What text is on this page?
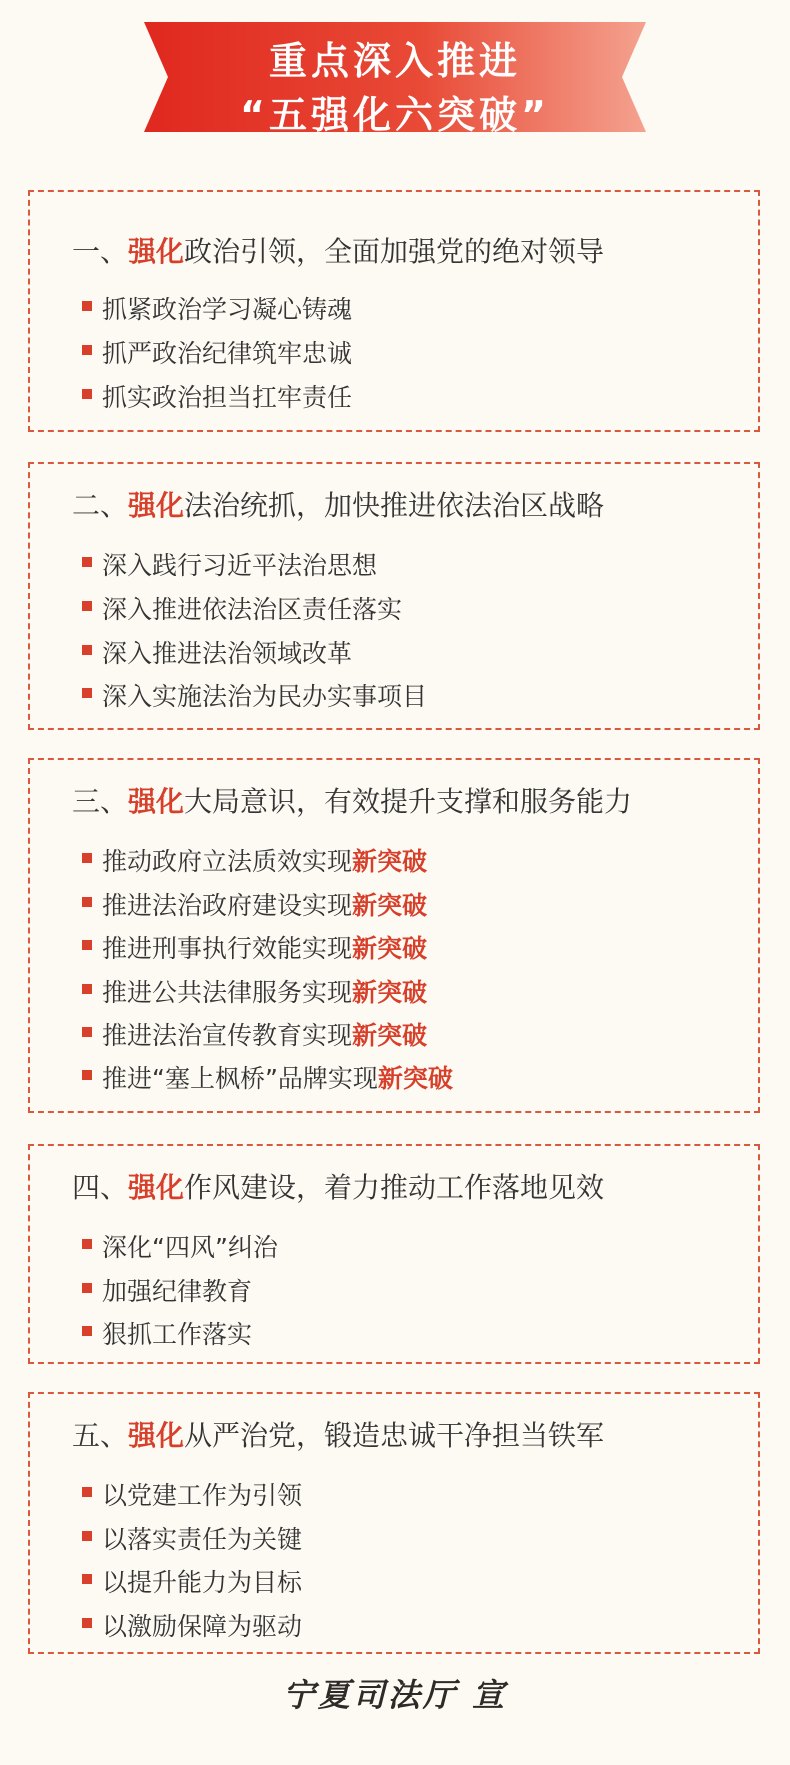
重点深入推进
“五强化六突破”
一、强化政治引领，全面加强党的绝对领导
抓紧政治学习凝心铸魂
抓严政治纪律筑牢忠诚
抓实政治担当扛牢责任
二、强化法治统抓，加快推进依法治区战略
深入践行习近平法治思想
深入推进依法治区责任落实
深入推进法治领域改革
深入实施法治为民办实事项目
三、强化大局意识，有效提升支撑和服务能力
推动政府立法质效实现新突破
推进法治政府建设实现新突破
推进刑事执行效能实现新突破
推进公共法律服务实现新突破
推进法治宣传教育实现新突破
推进“塞上枫桥”品牌实现新突破
四、强化作风建设，着力推动工作落地见效
深化“四风”纠治
加强纪律教育
狠抓工作落实
五、强化从严治党，锻造忠诚干净担当铁军
以党建工作为引领
以落实责任为关键
以提升能力为目标
以激励保障为驱动
宁夏司法厅 宣
